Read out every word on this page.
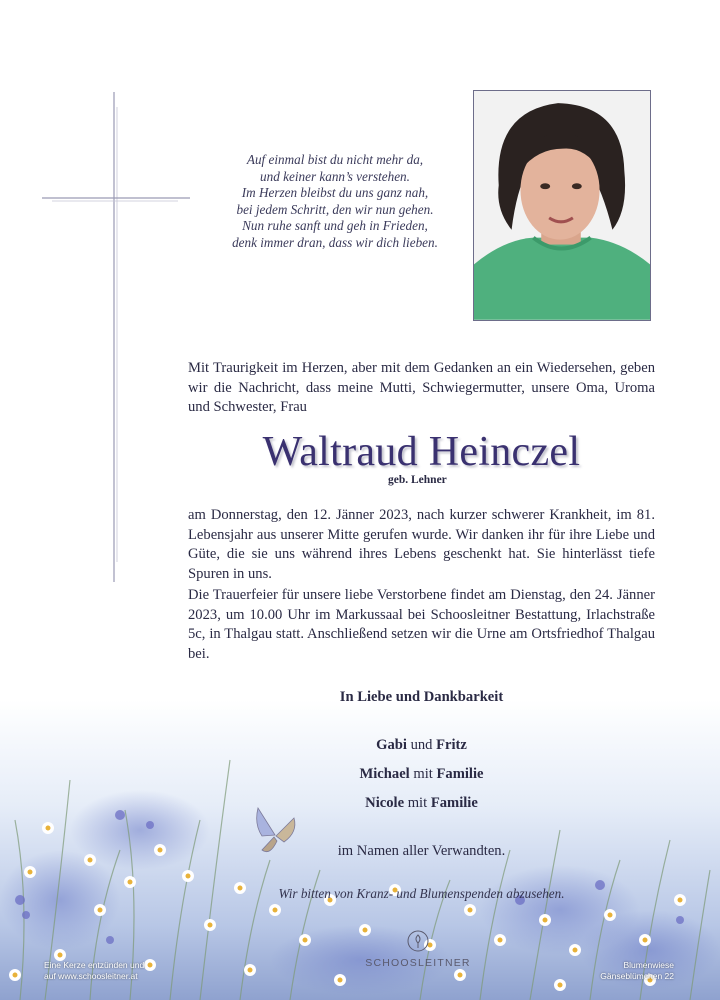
Auf einmal bist du nicht mehr da,
und keiner kann’s verstehen.
Im Herzen bleibst du uns ganz nah,
bei jedem Schritt, den wir nun gehen.
Nun ruhe sanft und geh in Frieden,
denk immer dran, dass wir dich lieben.
Mit Traurigkeit im Herzen, aber mit dem Gedanken an ein Wiedersehen, geben wir die Nachricht, dass meine Mutti, Schwiegermutter, unsere Oma, Uroma und Schwester, Frau
Waltraud Heinczel
geb. Lehner
am Donnerstag, den 12. Jänner 2023, nach kurzer schwerer Krankheit, im 81. Lebensjahr aus unserer Mitte gerufen wurde. Wir danken ihr für ihre Liebe und Güte, die sie uns während ihres Lebens geschenkt hat. Sie hinterlässt tiefe Spuren in uns.
Die Trauerfeier für unsere liebe Verstorbene findet am Dienstag, den 24. Jänner 2023, um 10.00 Uhr im Markussaal bei Schoosleitner Bestattung, Irlachstraße 5c, in Thalgau statt. Anschließend setzen wir die Urne am Ortsfriedhof Thalgau bei.
In Liebe und Dankbarkeit
Gabi und Fritz
Michael mit Familie
Nicole mit Familie
im Namen aller Verwandten.
Wir bitten von Kranz- und Blumenspenden abzusehen.
Eine Kerze entzünden und
auf www.schoosleitner.at
SCHOOSLEITNER	Blumenwiese
Gänseblümchen 22
